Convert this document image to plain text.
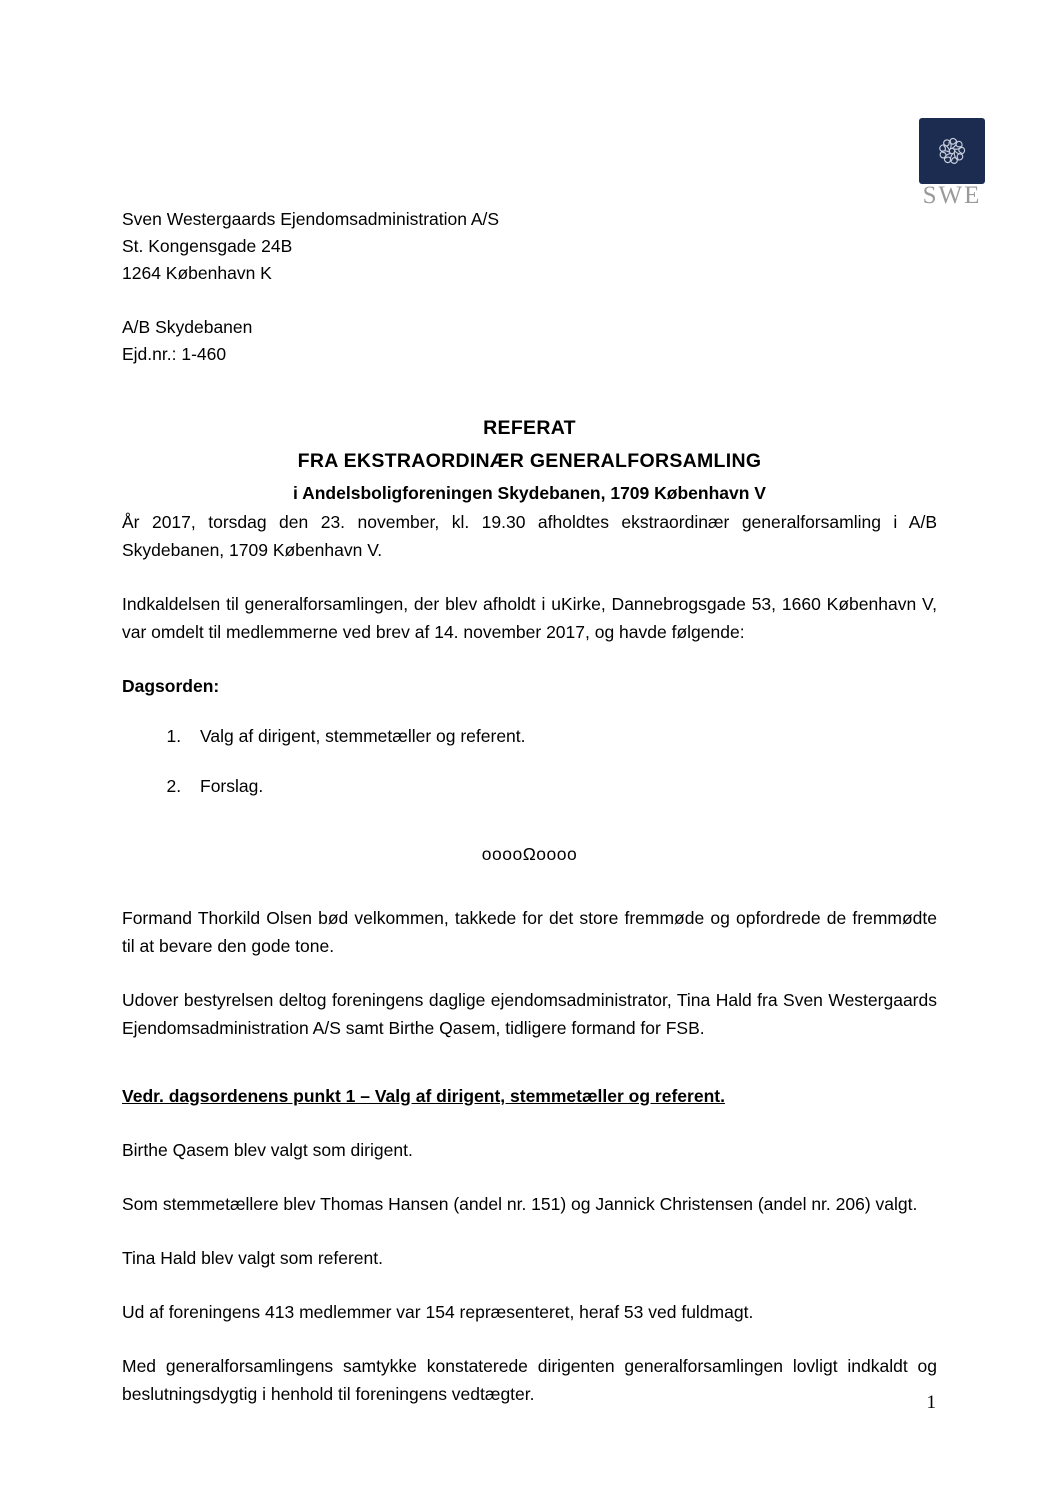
SWE
Sven Westergaards Ejendomsadministration A/S
St. Kongensgade 24B
1264 København K
A/B Skydebanen
Ejd.nr.: 1-460
REFERAT
FRA EKSTRAORDINÆR GENERALFORSAMLING
i Andelsboligforeningen Skydebanen, 1709 København V

År 2017, torsdag den 23. november, kl. 19.30 afholdtes ekstraordinær generalforsamling i A/B Skydebanen, 1709 København V.

Indkaldelsen til generalforsamlingen, der blev afholdt i uKirke, Dannebrogsgade 53, 1660 København V, var omdelt til medlemmerne ved brev af 14. november 2017, og havde følgende:

Dagsorden:
1. Valg af dirigent, stemmetæller og referent.
2. Forslag.
ooooΩoooo

Formand Thorkild Olsen bød velkommen, takkede for det store fremmøde og opfordrede de fremmødte til at bevare den gode tone.

Udover bestyrelsen deltog foreningens daglige ejendomsadministrator, Tina Hald fra Sven Westergaards Ejendomsadministration A/S samt Birthe Qasem, tidligere formand for FSB.

Vedr. dagsordenens punkt 1 – Valg af dirigent, stemmetæller og referent.

Birthe Qasem blev valgt som dirigent.

Som stemmetællere blev Thomas Hansen (andel nr. 151) og Jannick Christensen (andel nr. 206) valgt.

Tina Hald blev valgt som referent.

Ud af foreningens 413 medlemmer var 154 repræsenteret, heraf 53 ved fuldmagt.

Med generalforsamlingens samtykke konstaterede dirigenten generalforsamlingen lovligt indkaldt og beslutningsdygtig i henhold til foreningens vedtægter.	1
